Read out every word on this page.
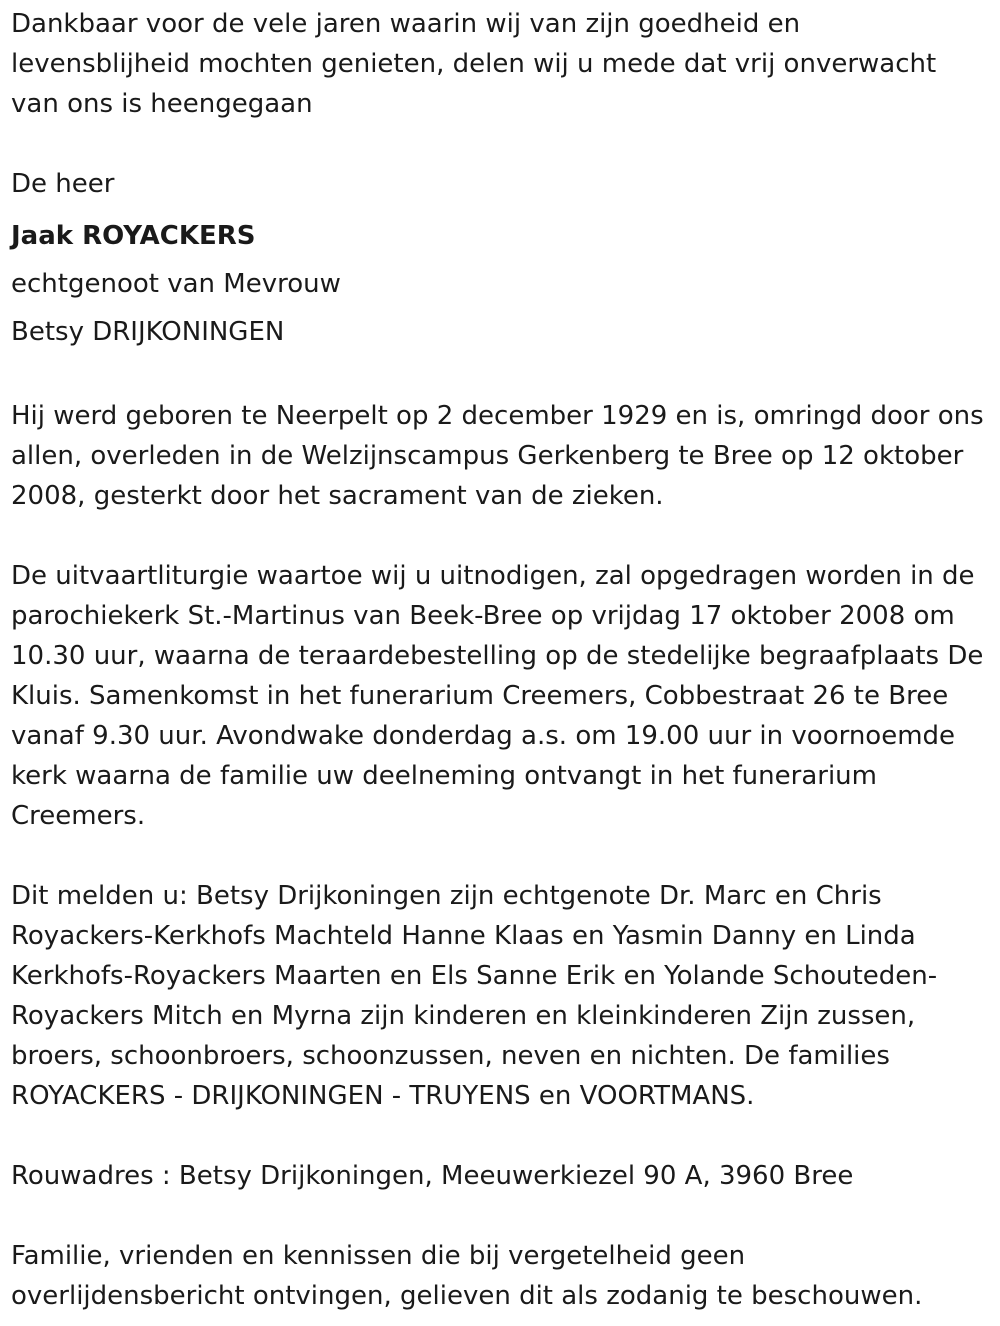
Dankbaar voor de vele jaren waarin wij van zijn goedheid en levensblijheid mochten genieten, delen wij u mede dat vrij onverwacht van ons is heengegaan

De heer

Jaak ROYACKERS

echtgenoot van Mevrouw

Betsy DRIJKONINGEN

Hij werd geboren te Neerpelt op 2 december 1929 en is, omringd door ons allen, overleden in de Welzijnscampus Gerkenberg te Bree op 12 oktober 2008, gesterkt door het sacrament van de zieken.

De uitvaartliturgie waartoe wij u uitnodigen, zal opgedragen worden in de parochiekerk St.-Martinus van Beek-Bree op vrijdag 17 oktober 2008 om 10.30 uur, waarna de teraardebestelling op de stedelijke begraafplaats De Kluis. Samenkomst in het funerarium Creemers, Cobbestraat 26 te Bree vanaf 9.30 uur. Avondwake donderdag a.s. om 19.00 uur in voornoemde kerk waarna de familie uw deelneming ontvangt in het funerarium Creemers.

Dit melden u: Betsy Drijkoningen zijn echtgenote Dr. Marc en Chris Royackers-Kerkhofs Machteld Hanne Klaas en Yasmin Danny en Linda Kerkhofs-Royackers Maarten en Els Sanne Erik en Yolande Schouteden-Royackers Mitch en Myrna zijn kinderen en kleinkinderen Zijn zussen, broers, schoonbroers, schoonzussen, neven en nichten. De families ROYACKERS - DRIJKONINGEN - TRUYENS en VOORTMANS.

Rouwadres : Betsy Drijkoningen, Meeuwerkiezel 90 A, 3960 Bree

Familie, vrienden en kennissen die bij vergetelheid geen overlijdensbericht ontvingen, gelieven dit als zodanig te beschouwen.
